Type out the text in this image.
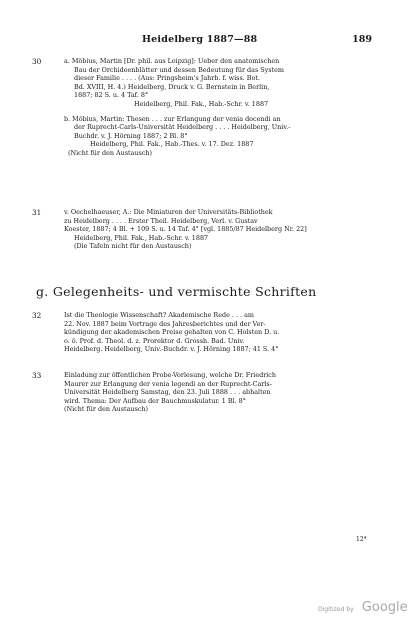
Heidelberg 1887—88	189
30	a. Möbius, Martin [Dr. phil. aus Leipzig]: Ueber den anatomischen
Bau der Orchideenblätter und dessen Bedeutung für das System
dieser Familie . . . . (Aus: Pringsheim's Jahrb. f. wiss. Bot.
Bd. XVIII, H. 4.) Heidelberg, Druck v. G. Bernstein in Berlin,
1887; 82 S. u. 4 Taf. 8°
Heidelberg, Phil. Fak., Hab.-Schr. v. 1887
b. Möbius, Martin: Thesen . . . zur Erlangung der venia docendi an
der Ruprecht-Carls-Universität Heidelberg . . . . Heidelberg, Univ.-
Buchdr. v. J. Hörning 1887; 2 Bl. 8°
Heidelberg, Phil. Fak., Hab.-Thes. v. 17. Dez. 1887
(Nicht für den Austausch)
31	v. Oechelhaeuser, A.: Die Miniaturen der Universitäts-Bibliothek
zu Heidelberg . . . . Erster Theil. Heidelberg, Verl. v. Gustav
Koester, 1887; 4 Bl. + 109 S. u. 14 Taf. 4° [vgl. 1885/87 Heidelberg Nr. 22]
Heidelberg, Phil. Fak., Hab.-Schr. v. 1887
(Die Tafeln nicht für den Austausch)
g. Gelegenheits- und vermischte Schriften
32	Ist die Theologie Wissenschaft? Akademische Rede . . . am
22. Nov. 1887 beim Vortrage des Jahresberichtes und der Ver-
kündigung der akademischen Preise gehalten von C. Holsten D. u.
o. ö. Prof. d. Theol. d. z. Prorektor d. Grossh. Bad. Univ.
Heidelberg. Heidelberg, Univ.-Buchdr. v. J. Hörning 1887; 41 S. 4°
33	Einladung zur öffentlichen Probe-Vorlesung, welche Dr. Friedrich
Maurer zur Erlangung der venia legendi an der Ruprecht-Carls-
Universität Heidelberg Samstag, den 23. Juli 1888 . . . abhalten
wird. Thema: Der Aufbau der Bauchmuskulatur. 1 Bl. 8°
(Nicht für den Austausch)
12*
Digitized by Google
